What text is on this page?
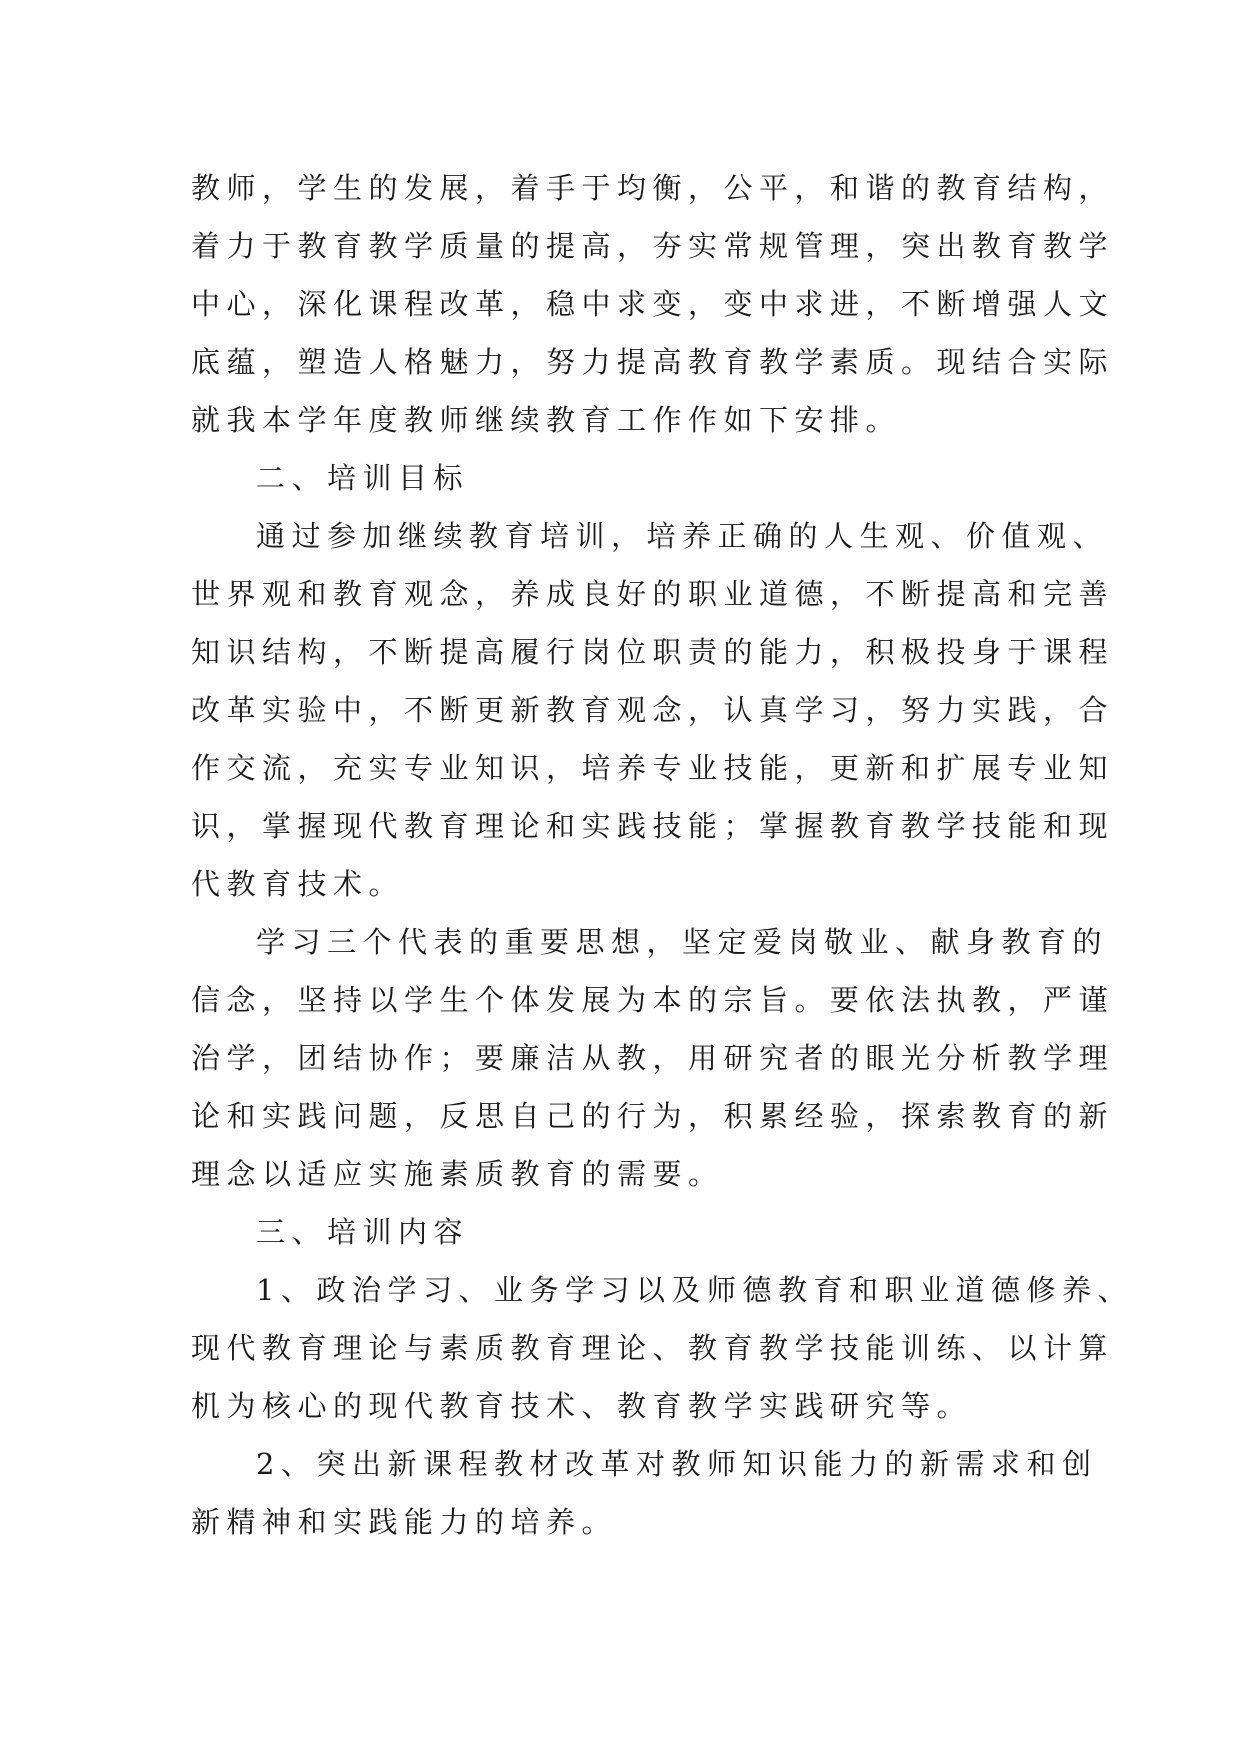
教师，学生的发展，着手于均衡，公平，和谐的教育结构，
着力于教育教学质量的提高，夯实常规管理，突出教育教学
中心，深化课程改革，稳中求变，变中求进，不断增强人文
底蕴，塑造人格魅力，努力提高教育教学素质。现结合实际
就我本学年度教师继续教育工作作如下安排。
二、培训目标
通过参加继续教育培训，培养正确的人生观、价值观、
世界观和教育观念，养成良好的职业道德，不断提高和完善
知识结构，不断提高履行岗位职责的能力，积极投身于课程
改革实验中，不断更新教育观念，认真学习，努力实践，合
作交流，充实专业知识，培养专业技能，更新和扩展专业知
识，掌握现代教育理论和实践技能；掌握教育教学技能和现
代教育技术。
学习三个代表的重要思想，坚定爱岗敬业、献身教育的
信念，坚持以学生个体发展为本的宗旨。要依法执教，严谨
治学，团结协作；要廉洁从教，用研究者的眼光分析教学理
论和实践问题，反思自己的行为，积累经验，探索教育的新
理念以适应实施素质教育的需要。
三、培训内容
1、政治学习、业务学习以及师德教育和职业道德修养、
现代教育理论与素质教育理论、教育教学技能训练、以计算
机为核心的现代教育技术、教育教学实践研究等。
2、突出新课程教材改革对教师知识能力的新需求和创
新精神和实践能力的培养。
